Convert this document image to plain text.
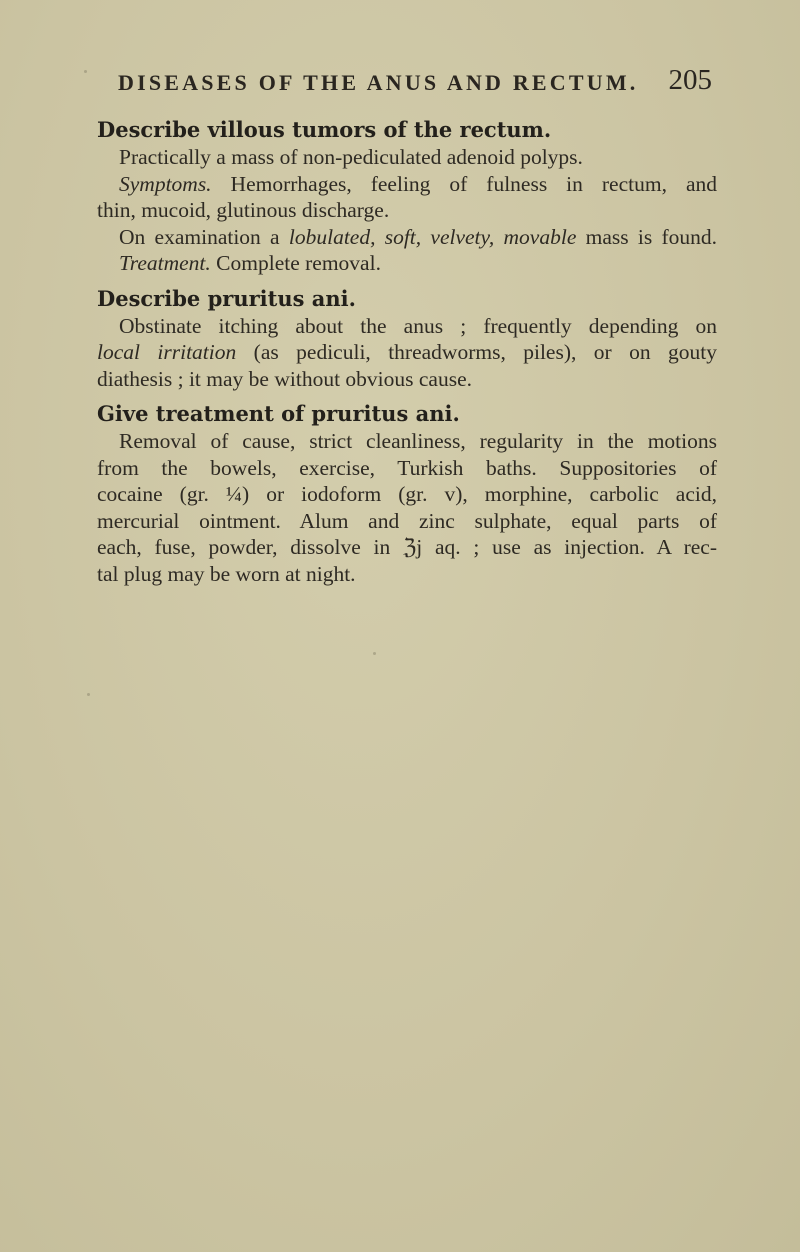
DISEASES OF THE ANUS AND RECTUM. 205

Describe villous tumors of the rectum.

Practically a mass of non-pediculated adenoid polyps.

Symptoms. Hemorrhages, feeling of fulness in rectum, and

thin, mucoid, glutinous discharge.

On examination a lobulated, soft, velvety, movable mass is found.

Treatment. Complete removal.

Describe pruritus ani.

Obstinate itching about the anus ; frequently depending on

local irritation (as pediculi, threadworms, piles), or on gouty

diathesis ; it may be without obvious cause.

Give treatment of pruritus ani.

Removal of cause, strict cleanliness, regularity in the motions

from the bowels, exercise, Turkish baths. Suppositories of

cocaine (gr. ¼) or iodoform (gr. v), morphine, carbolic acid,

mercurial ointment. Alum and zinc sulphate, equal parts of

each, fuse, powder, dissolve in ℨj aq. ; use as injection. A rec-

tal plug may be worn at night.
